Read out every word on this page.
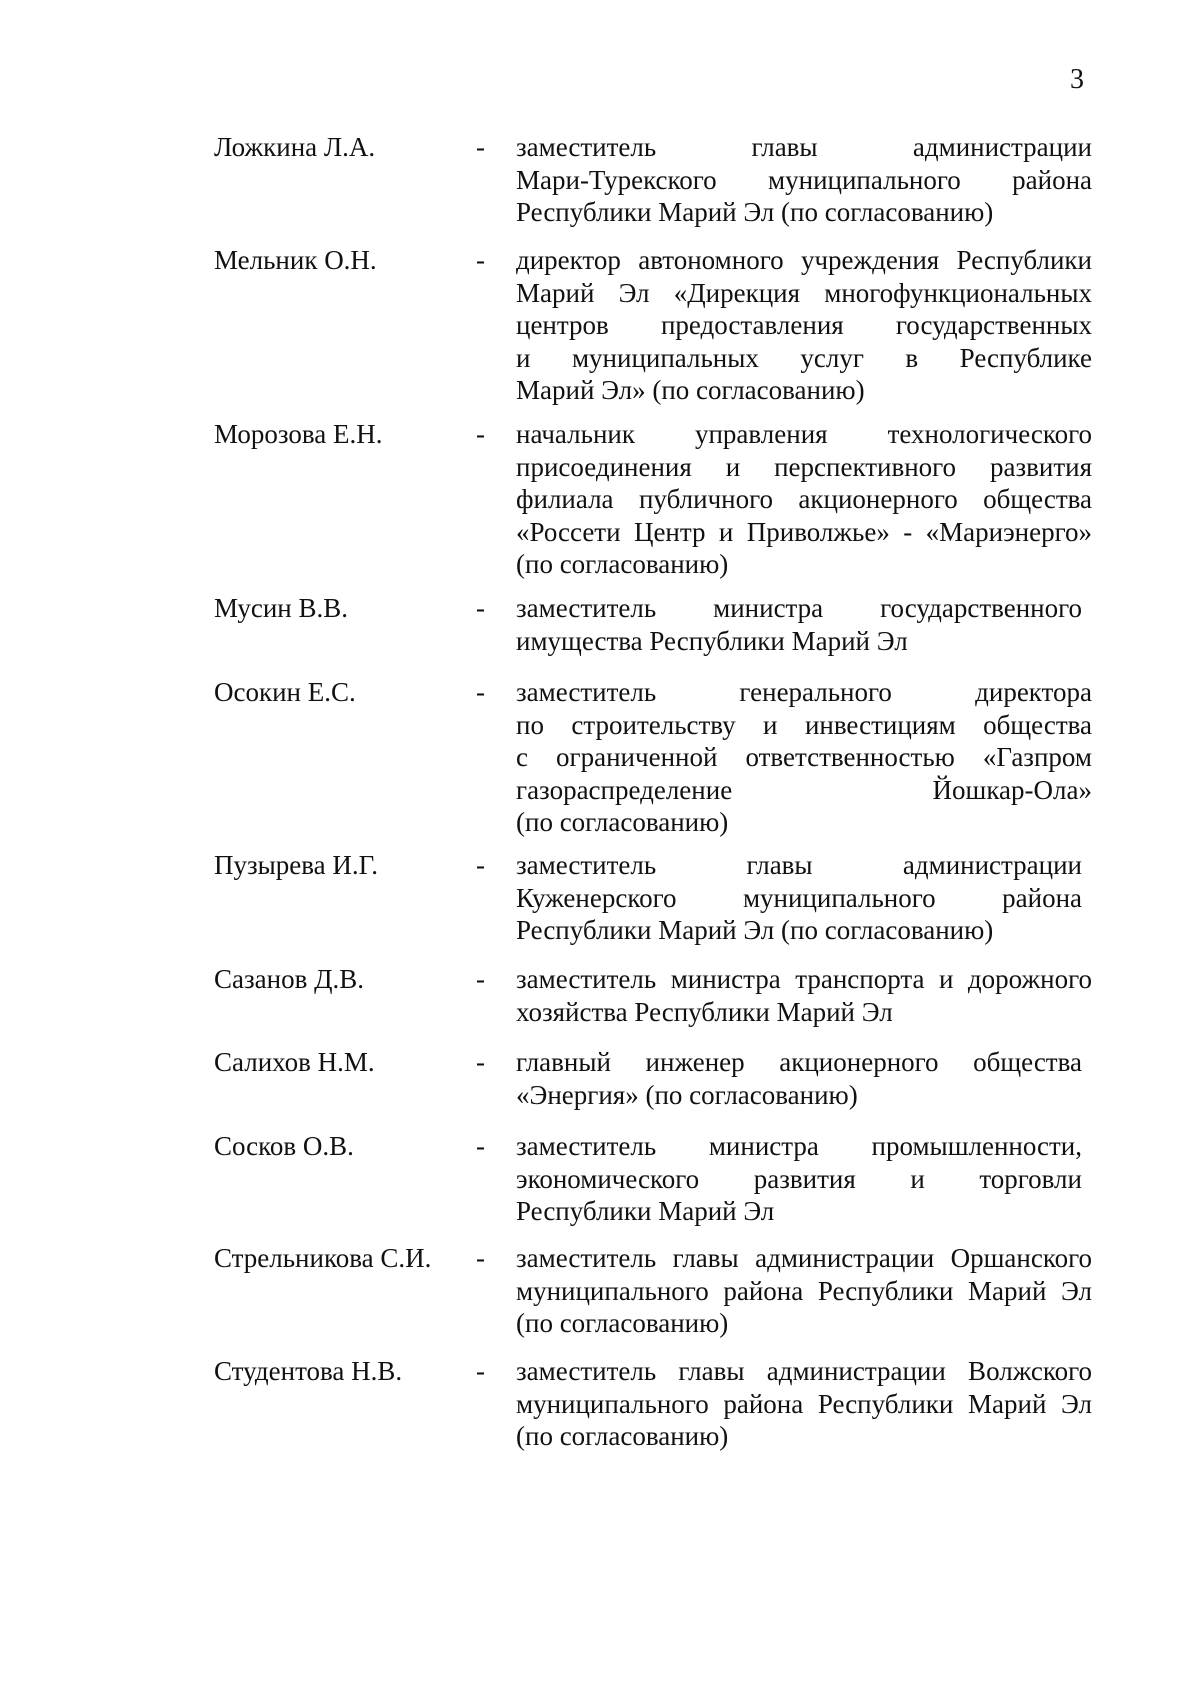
3
Ложкина Л.А.	- заместитель главы администрации
Мари-Турекского муниципального района
Республики Марий Эл (по согласованию)
Мельник О.Н.	- директор автономного учреждения Республики
Марий Эл «Дирекция многофункциональных
центров предоставления государственных
и муниципальных услуг в Республике
Марий Эл» (по согласованию)
Морозова Е.Н.	- начальник управления технологического
присоединения и перспективного развития
филиала публичного акционерного общества
«Россети Центр и Приволжье» - «Мариэнерго»
(по согласованию)
Мусин В.В.	- заместитель министра государственного
имущества Республики Марий Эл
Осокин Е.С.	- заместитель генерального директора
по строительству и инвестициям общества
с ограниченной ответственностью «Газпром
газораспределение Йошкар-Ола»
(по согласованию)
Пузырева И.Г.	- заместитель главы администрации
Куженерского муниципального района
Республики Марий Эл (по согласованию)
Сазанов Д.В.	- заместитель министра транспорта и дорожного
хозяйства Республики Марий Эл
Салихов Н.М.	- главный инженер акционерного общества
«Энергия» (по согласованию)
Сосков О.В.	- заместитель министра промышленности,
экономического развития и торговли
Республики Марий Эл
Стрельникова С.И. - заместитель главы администрации Оршанского
муниципального района Республики Марий Эл
(по согласованию)
Студентова Н.В.	- заместитель главы администрации Волжского
муниципального района Республики Марий Эл
(по согласованию)
